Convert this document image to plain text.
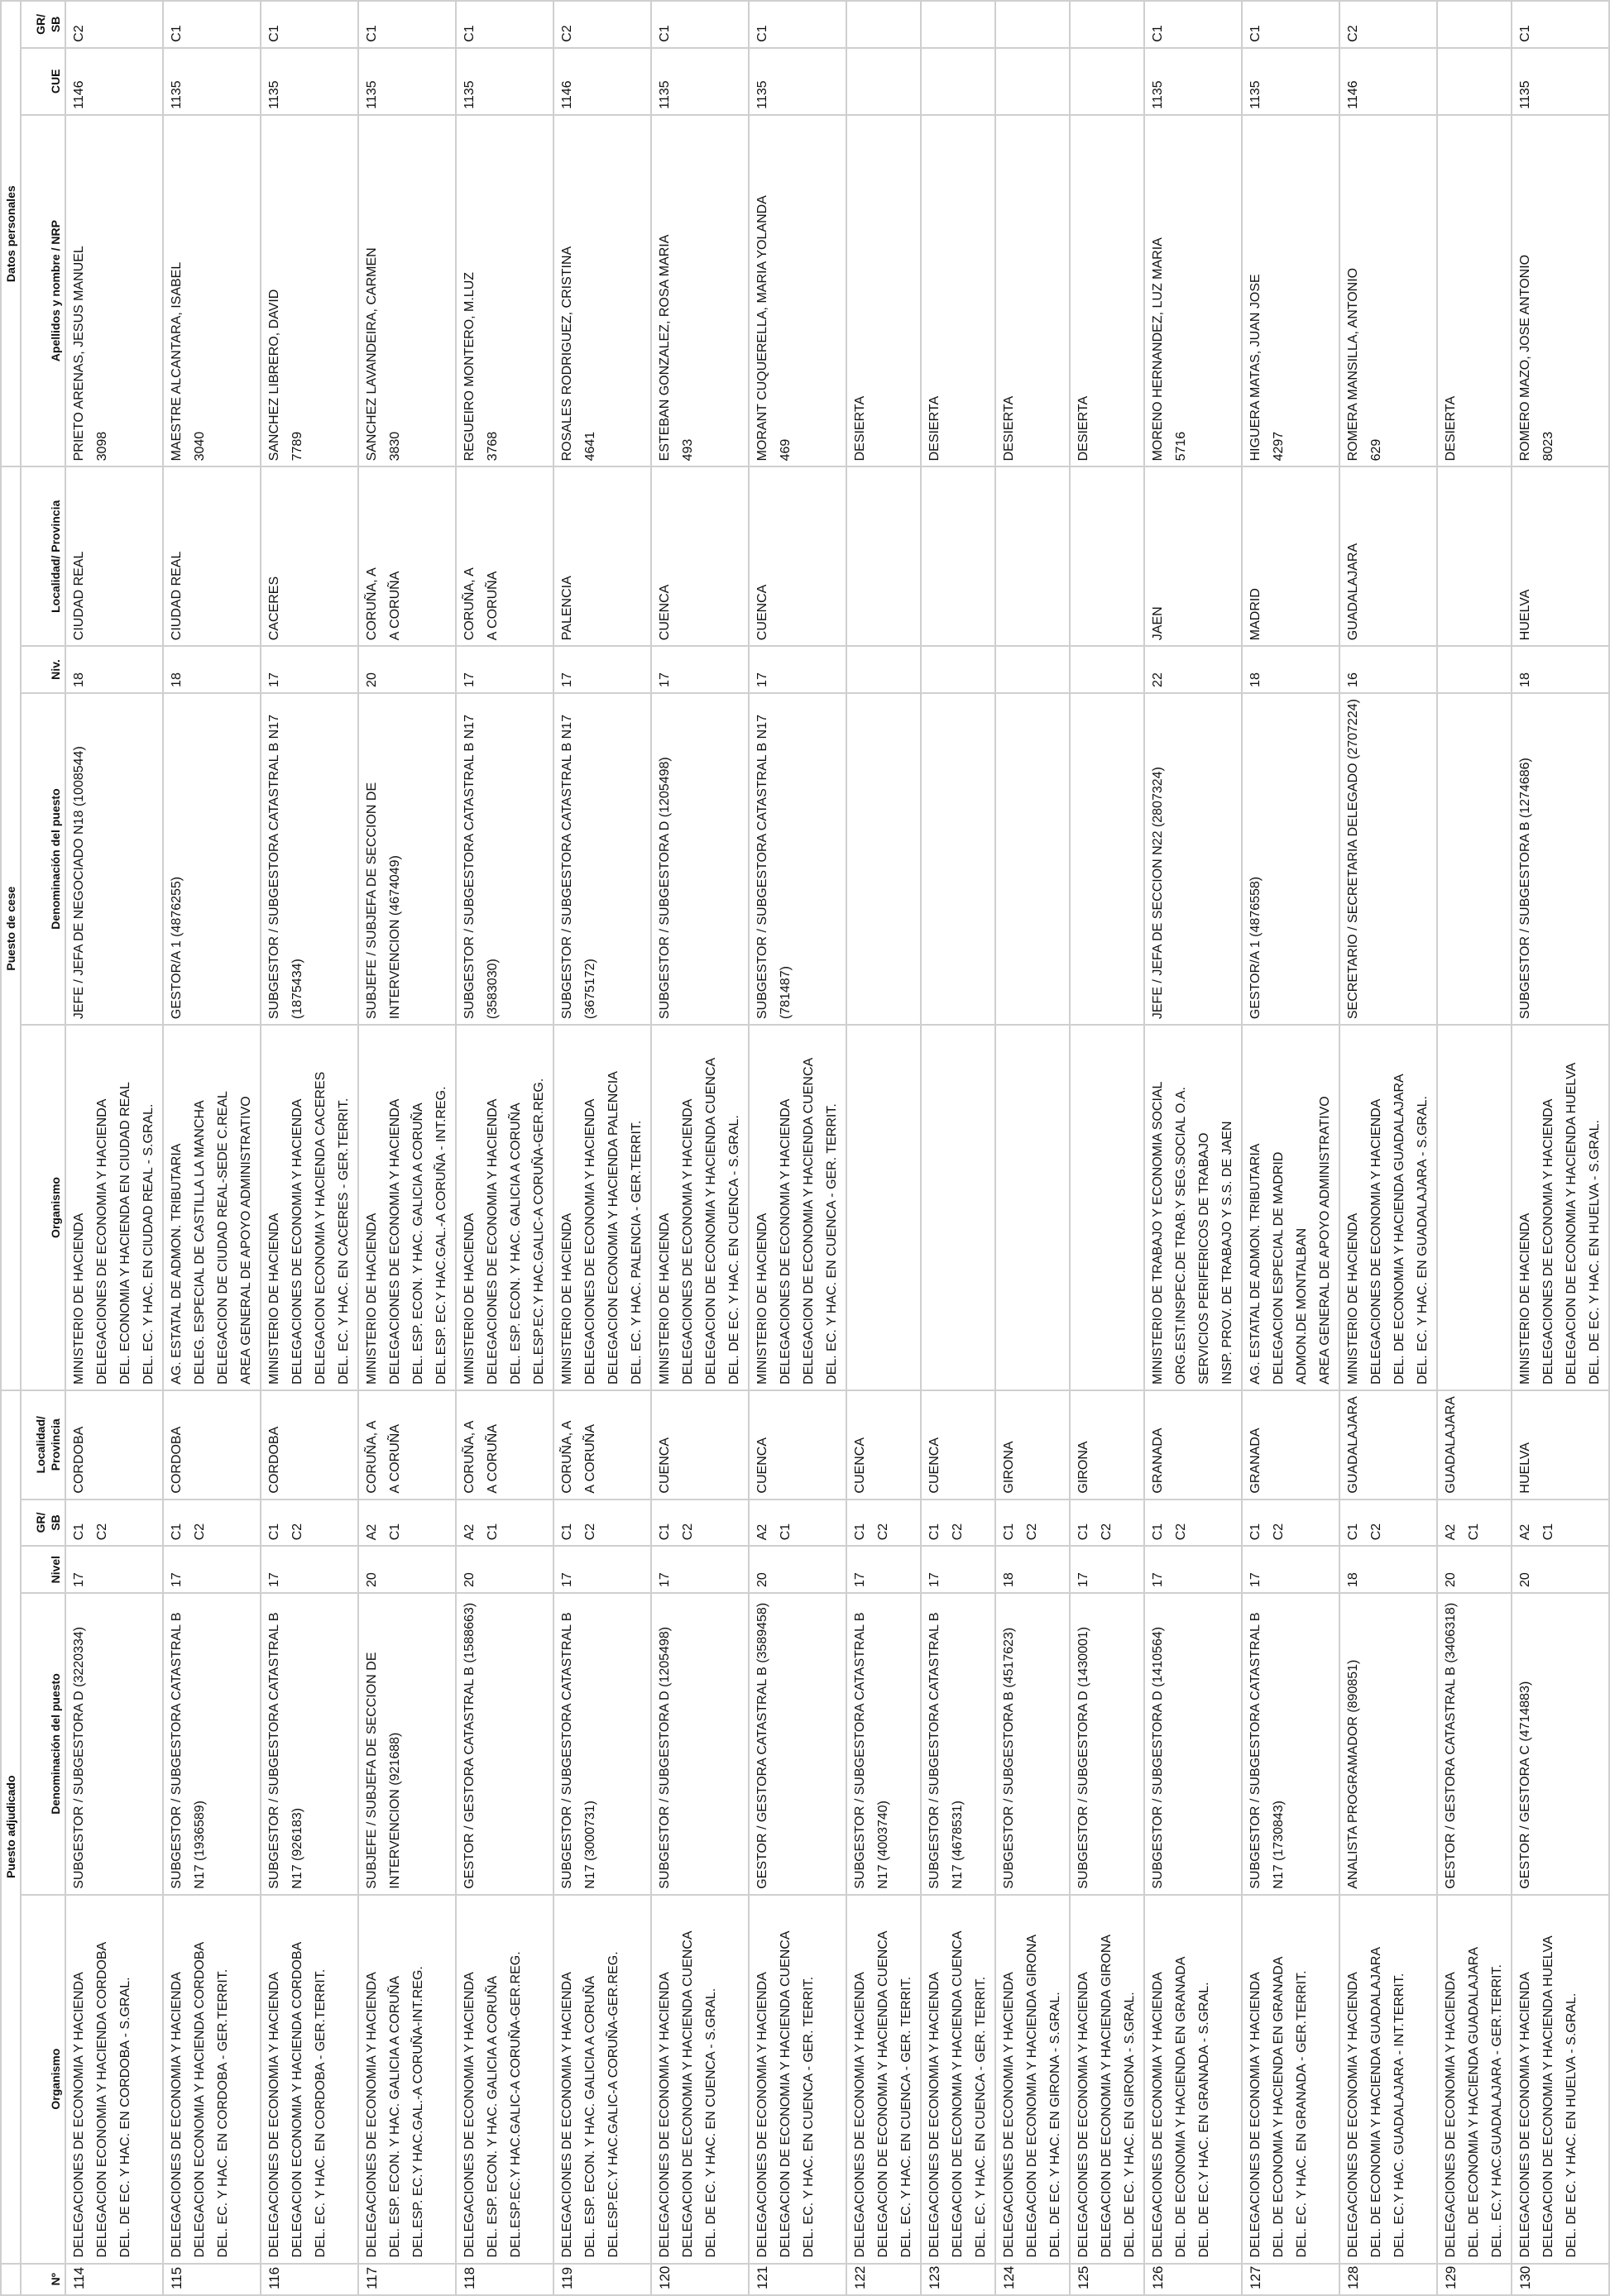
	Puesto adjudicado					Puesto de cese				Datos personales		
Nº	Organismo	Denominación del puesto	Nivel	GR/ SB	Localidad/ Provincia	Organismo	Denominación del puesto	Niv.	Localidad/ Provincia	Apellidos y nombre / NRP	CUE	GR/ SB
114	DELEGACIONES DE ECONOMIA Y HACIENDA
DELEGACION ECONOMIA Y HACIENDA CORDOBA
DEL. DE EC. Y HAC. EN CORDOBA - S.GRAL.	SUBGESTOR / SUBGESTORA D (3220334)	17	C1 C2	CORDOBA	MINISTERIO DE HACIENDA
DELEGACIONES DE ECONOMIA Y HACIENDA
DEL. ECONOMIA Y HACIENDA EN CIUDAD REAL
DEL. EC. Y HAC. EN CIUDAD REAL - S.GRAL.	JEFE / JEFA DE NEGOCIADO N18 (1008544)	18	CIUDAD REAL	PRIETO ARENAS, JESUS MANUEL
3098	1146	C2
115	DELEGACIONES DE ECONOMIA Y HACIENDA
DELEGACION ECONOMIA Y HACIENDA CORDOBA
DEL. EC. Y HAC. EN CORDOBA - GER.TERRIT.	SUBGESTOR / SUBGESTORA CATASTRAL B N17 (1936589)	17	C1 C2	CORDOBA	AG. ESTATAL DE ADMON. TRIBUTARIA
DELEG. ESPECIAL DE CASTILLA LA MANCHA
DELEGACION DE CIUDAD REAL-SEDE C.REAL
AREA GENERAL DE APOYO ADMINISTRATIVO	GESTOR/A 1 (4876255)	18	CIUDAD REAL	MAESTRE ALCANTARA, ISABEL
3040	1135	C1
116	DELEGACIONES DE ECONOMIA Y HACIENDA
DELEGACION ECONOMIA Y HACIENDA CORDOBA
DEL. EC. Y HAC. EN CORDOBA - GER.TERRIT.	SUBGESTOR / SUBGESTORA CATASTRAL B N17 (926183)	17	C1 C2	CORDOBA	MINISTERIO DE HACIENDA
DELEGACIONES DE ECONOMIA Y HACIENDA
DELEGACION ECONOMIA Y HACIENDA CACERES
DEL. EC. Y HAC. EN CACERES - GER.TERRIT.	SUBGESTOR / SUBGESTORA CATASTRAL B N17 (1875434)	17	CACERES	SANCHEZ LIBRERO, DAVID
7789	1135	C1
117	DELEGACIONES DE ECONOMIA Y HACIENDA
DEL. ESP. ECON. Y HAC. GALICIA A CORUÑA
DEL.ESP. EC.Y HAC.GAL.-A CORUÑA-INT.REG.	SUBJEFE / SUBJEFA DE SECCION DE INTERVENCION (921688)	20	A2 C1	CORUÑA, A
A CORUÑA	MINISTERIO DE HACIENDA
DELEGACIONES DE ECONOMIA Y HACIENDA
DEL. ESP. ECON. Y HAC. GALICIA A CORUÑA
DEL.ESP. EC.Y HAC.GAL.-A CORUÑA - INT.REG.	SUBJEFE / SUBJEFA DE SECCION DE INTERVENCION (4674049)	20	CORUÑA, A
A CORUÑA	SANCHEZ LAVANDEIRA, CARMEN
3830	1135	C1
118	DELEGACIONES DE ECONOMIA Y HACIENDA
DEL. ESP. ECON. Y HAC. GALICIA A CORUÑA
DEL.ESP.EC.Y HAC.GALIC-A CORUÑA-GER.REG.	GESTOR / GESTORA CATASTRAL B (1588663)	20	A2 C1	CORUÑA, A
A CORUÑA	MINISTERIO DE HACIENDA
DELEGACIONES DE ECONOMIA Y HACIENDA
DEL. ESP. ECON. Y HAC. GALICIA A CORUÑA
DEL.ESP.EC.Y HAC.GALIC-A CORUÑA-GER.REG.	SUBGESTOR / SUBGESTORA CATASTRAL B N17 (3583030)	17	CORUÑA, A
A CORUÑA	REGUEIRO MONTERO, M.LUZ
3768	1135	C1
119	DELEGACIONES DE ECONOMIA Y HACIENDA
DEL. ESP. ECON. Y HAC. GALICIA A CORUÑA
DEL.ESP.EC.Y HAC.GALIC-A CORUÑA-GER.REG.	SUBGESTOR / SUBGESTORA CATASTRAL B N17 (3000731)	17	C1 C2	CORUÑA, A
A CORUÑA	MINISTERIO DE HACIENDA
DELEGACIONES DE ECONOMIA Y HACIENDA
DELEGACION ECONOMIA Y HACIENDA PALENCIA
DEL. EC. Y HAC. PALENCIA - GER.TERRIT.	SUBGESTOR / SUBGESTORA CATASTRAL B N17 (3675172)	17	PALENCIA	ROSALES RODRIGUEZ, CRISTINA
4641	1146	C2
120	DELEGACIONES DE ECONOMIA Y HACIENDA
DELEGACION DE ECONOMIA Y HACIENDA CUENCA
DEL. DE EC. Y HAC. EN CUENCA - S.GRAL.	SUBGESTOR / SUBGESTORA D (1205498)	17	C1 C2	CUENCA	MINISTERIO DE HACIENDA
DELEGACIONES DE ECONOMIA Y HACIENDA
DELEGACION DE ECONOMIA Y HACIENDA CUENCA
DEL. DE EC. Y HAC. EN CUENCA - S.GRAL.	SUBGESTOR / SUBGESTORA D (1205498)	17	CUENCA	ESTEBAN GONZALEZ, ROSA MARIA
493	1135	C1
121	DELEGACIONES DE ECONOMIA Y HACIENDA
DELEGACION DE ECONOMIA Y HACIENDA CUENCA
DEL. EC. Y HAC. EN CUENCA - GER. TERRIT.	GESTOR / GESTORA CATASTRAL B (3589458)	20	A2 C1	CUENCA	MINISTERIO DE HACIENDA
DELEGACIONES DE ECONOMIA Y HACIENDA
DELEGACION DE ECONOMIA Y HACIENDA CUENCA
DEL. EC. Y HAC. EN CUENCA - GER. TERRIT.	SUBGESTOR / SUBGESTORA CATASTRAL B N17 (781487)	17	CUENCA	MORANT CUQUERELLA, MARIA YOLANDA
469	1135	C1
122	DELEGACIONES DE ECONOMIA Y HACIENDA
DELEGACION DE ECONOMIA Y HACIENDA CUENCA
DEL. EC. Y HAC. EN CUENCA - GER. TERRIT.	SUBGESTOR / SUBGESTORA CATASTRAL B N17 (4003740)	17	C1 C2	CUENCA					DESIERTA		
123	DELEGACIONES DE ECONOMIA Y HACIENDA
DELEGACION DE ECONOMIA Y HACIENDA CUENCA
DEL. EC. Y HAC. EN CUENCA - GER. TERRIT.	SUBGESTOR / SUBGESTORA CATASTRAL B N17 (4678531)	17	C1 C2	CUENCA					DESIERTA		
124	DELEGACIONES DE ECONOMIA Y HACIENDA
DELEGACION DE ECONOMIA Y HACIENDA GIRONA
DEL. DE EC. Y HAC. EN GIRONA - S.GRAL.	SUBGESTOR / SUBGESTORA B (4517623)	18	C1 C2	GIRONA					DESIERTA		
125	DELEGACIONES DE ECONOMIA Y HACIENDA
DELEGACION DE ECONOMIA Y HACIENDA GIRONA
DEL. DE EC. Y HAC. EN GIRONA - S.GRAL.	SUBGESTOR / SUBGESTORA D (1430001)	17	C1 C2	GIRONA					DESIERTA		
126	DELEGACIONES DE ECONOMIA Y HACIENDA
DEL. DE ECONOMIA Y HACIENDA EN GRANADA
DEL. DE EC.Y HAC. EN GRANADA - S.GRAL.	SUBGESTOR / SUBGESTORA D (1410564)	17	C1 C2	GRANADA	MINISTERIO DE TRABAJO Y ECONOMIA SOCIAL
ORG.EST.INSPEC.DE TRAB.Y SEG.SOCIAL O.A.
SERVICIOS PERIFERICOS DE TRABAJO
INSP. PROV. DE TRABAJO Y S.S. DE JAEN	JEFE / JEFA DE SECCION N22 (2807324)	22	JAEN	MORENO HERNANDEZ, LUZ MARIA
5716	1135	C1
127	DELEGACIONES DE ECONOMIA Y HACIENDA
DEL. DE ECONOMIA Y HACIENDA EN GRANADA
DEL. EC. Y HAC. EN GRANADA - GER.TERRIT.	SUBGESTOR / SUBGESTORA CATASTRAL B N17 (1730843)	17	C1 C2	GRANADA	AG. ESTATAL DE ADMON. TRIBUTARIA
DELEGACION ESPECIAL DE MADRID
ADMON.DE MONTALBAN
AREA GENERAL DE APOYO ADMINISTRATIVO	GESTOR/A 1 (4876558)	18	MADRID	HIGUERA MATAS, JUAN JOSE
4297	1135	C1
128	DELEGACIONES DE ECONOMIA Y HACIENDA
DEL. DE ECONOMIA Y HACIENDA GUADALAJARA
DEL. EC.Y HAC. GUADALAJARA - INT.TERRIT.	ANALISTA PROGRAMADOR (890851)	18	C1 C2	GUADALAJARA	MINISTERIO DE HACIENDA
DELEGACIONES DE ECONOMIA Y HACIENDA
DEL. DE ECONOMIA Y HACIENDA GUADALAJARA
DEL. EC. Y HAC. EN GUADALAJARA - S.GRAL.	SECRETARIO / SECRETARIA DELEGADO (2707224)	16	GUADALAJARA	ROMERA MANSILLA, ANTONIO
629	1146	C2
129	DELEGACIONES DE ECONOMIA Y HACIENDA
DEL. DE ECONOMIA Y HACIENDA GUADALAJARA
DEL.. EC.Y HAC.GUADALAJARA - GER.TERRIT.	GESTOR / GESTORA CATASTRAL B (3406318)	20	A2 C1	GUADALAJARA					DESIERTA		
130	DELEGACIONES DE ECONOMIA Y HACIENDA
DELEGACION DE ECONOMIA Y HACIENDA HUELVA
DEL. DE EC. Y HAC. EN HUELVA - S.GRAL.	GESTOR / GESTORA C (4714883)	20	A2 C1	HUELVA	MINISTERIO DE HACIENDA
DELEGACIONES DE ECONOMIA Y HACIENDA
DELEGACION DE ECONOMIA Y HACIENDA HUELVA
DEL. DE EC. Y HAC. EN HUELVA - S.GRAL.	SUBGESTOR / SUBGESTORA B (1274686)	18	HUELVA	ROMERO MAZO, JOSE ANTONIO
8023	1135	C1
